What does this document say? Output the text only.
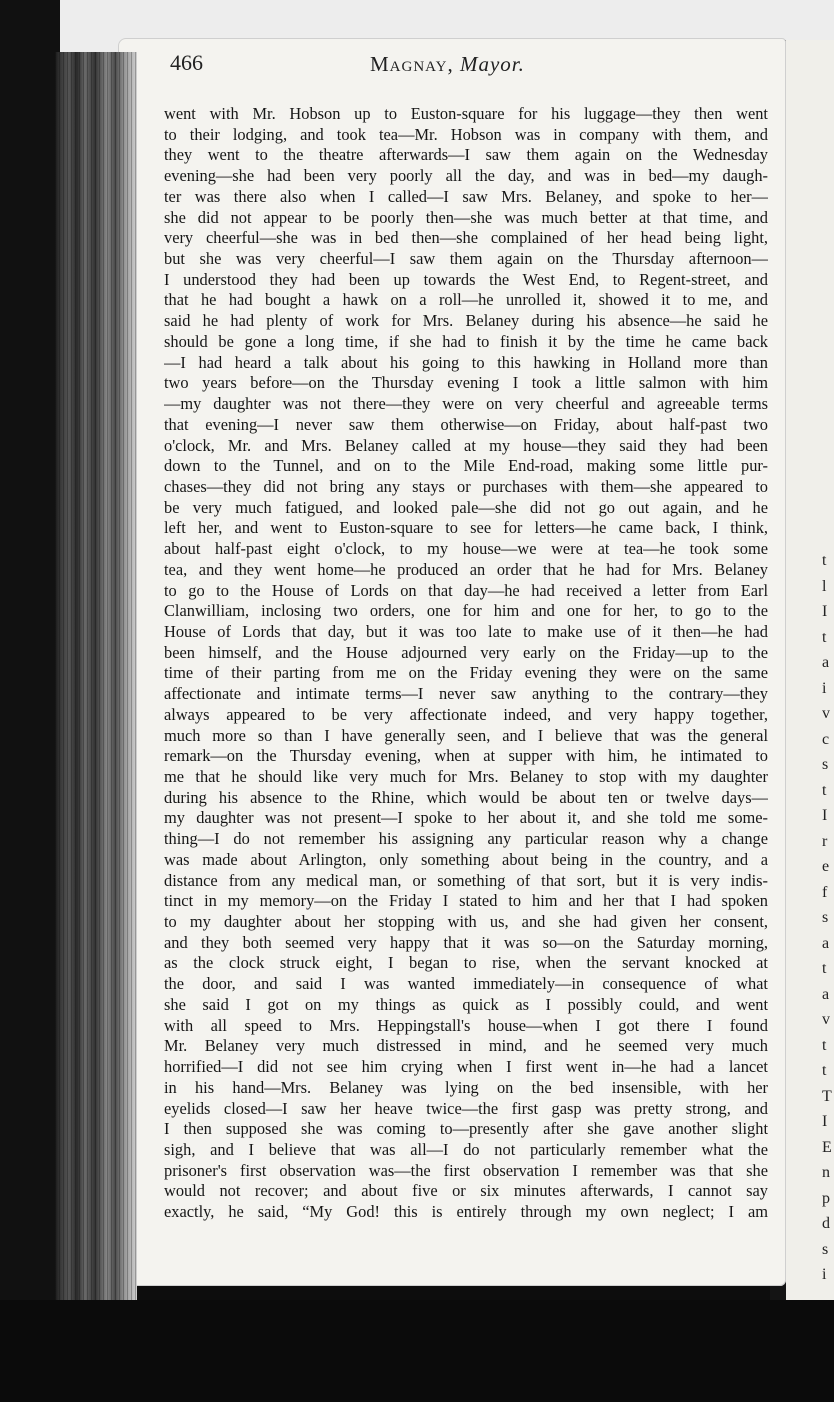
t
l
I
t
a
i
v
c
s
t
I
r
e
f
s
a
t
a
v
t
t
T
I
E
n
p
d
s
i
466	Magnay, Mayor.
went with Mr. Hobson up to Euston-square for his luggage—they then went
to their lodging, and took tea—Mr. Hobson was in company with them, and
they went to the theatre afterwards—I saw them again on the Wednesday
evening—she had been very poorly all the day, and was in bed—my daugh-
ter was there also when I called—I saw Mrs. Belaney, and spoke to her—
she did not appear to be poorly then—she was much better at that time, and
very cheerful—she was in bed then—she complained of her head being light,
but she was very cheerful—I saw them again on the Thursday afternoon—
I understood they had been up towards the West End, to Regent-street, and
that he had bought a hawk on a roll—he unrolled it, showed it to me, and
said he had plenty of work for Mrs. Belaney during his absence—he said he
should be gone a long time, if she had to finish it by the time he came back
—I had heard a talk about his going to this hawking in Holland more than
two years before—on the Thursday evening I took a little salmon with him
—my daughter was not there—they were on very cheerful and agreeable terms
that evening—I never saw them otherwise—on Friday, about half-past two
o'clock, Mr. and Mrs. Belaney called at my house—they said they had been
down to the Tunnel, and on to the Mile End-road, making some little pur-
chases—they did not bring any stays or purchases with them—she appeared to
be very much fatigued, and looked pale—she did not go out again, and he
left her, and went to Euston-square to see for letters—he came back, I think,
about half-past eight o'clock, to my house—we were at tea—he took some
tea, and they went home—he produced an order that he had for Mrs. Belaney
to go to the House of Lords on that day—he had received a letter from Earl
Clanwilliam, inclosing two orders, one for him and one for her, to go to the
House of Lords that day, but it was too late to make use of it then—he had
been himself, and the House adjourned very early on the Friday—up to the
time of their parting from me on the Friday evening they were on the same
affectionate and intimate terms—I never saw anything to the contrary—they
always appeared to be very affectionate indeed, and very happy together,
much more so than I have generally seen, and I believe that was the general
remark—on the Thursday evening, when at supper with him, he intimated to
me that he should like very much for Mrs. Belaney to stop with my daughter
during his absence to the Rhine, which would be about ten or twelve days—
my daughter was not present—I spoke to her about it, and she told me some-
thing—I do not remember his assigning any particular reason why a change
was made about Arlington, only something about being in the country, and a
distance from any medical man, or something of that sort, but it is very indis-
tinct in my memory—on the Friday I stated to him and her that I had spoken
to my daughter about her stopping with us, and she had given her consent,
and they both seemed very happy that it was so—on the Saturday morning,
as the clock struck eight, I began to rise, when the servant knocked at
the door, and said I was wanted immediately—in consequence of what
she said I got on my things as quick as I possibly could, and went
with all speed to Mrs. Heppingstall's house—when I got there I found
Mr. Belaney very much distressed in mind, and he seemed very much
horrified—I did not see him crying when I first went in—he had a lancet
in his hand—Mrs. Belaney was lying on the bed insensible, with her
eyelids closed—I saw her heave twice—the first gasp was pretty strong, and
I then supposed she was coming to—presently after she gave another slight
sigh, and I believe that was all—I do not particularly remember what the
prisoner's first observation was—the first observation I remember was that she
would not recover; and about five or six minutes afterwards, I cannot say
exactly, he said, “My God! this is entirely through my own neglect; I am
